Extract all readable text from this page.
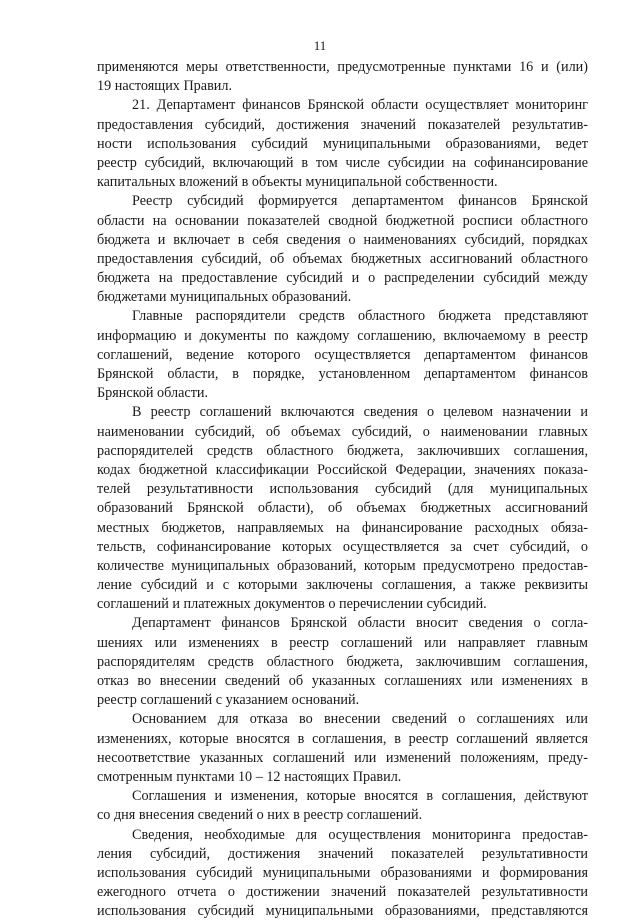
11
применяются меры ответственности, предусмотренные пунктами 16 и (или)
19 настоящих Правил.
21. Департамент финансов Брянской области осуществляет мониторинг
предоставления субсидий, достижения значений показателей результатив-
ности использования субсидий муниципальными образованиями, ведет
реестр субсидий, включающий в том числе субсидии на софинансирование
капитальных вложений в объекты муниципальной собственности.
Реестр субсидий формируется департаментом финансов Брянской
области на основании показателей сводной бюджетной росписи областного
бюджета и включает в себя сведения о наименованиях субсидий, порядках
предоставления субсидий, об объемах бюджетных ассигнований областного
бюджета на предоставление субсидий и о распределении субсидий между
бюджетами муниципальных образований.
Главные распорядители средств областного бюджета представляют
информацию и документы по каждому соглашению, включаемому в реестр
соглашений, ведение которого осуществляется департаментом финансов
Брянской области, в порядке, установленном департаментом финансов
Брянской области.
В реестр соглашений включаются сведения о целевом назначении и
наименовании субсидий, об объемах субсидий, о наименовании главных
распорядителей средств областного бюджета, заключивших соглашения,
кодах бюджетной классификации Российской Федерации, значениях показа-
телей результативности использования субсидий (для муниципальных
образований Брянской области), об объемах бюджетных ассигнований
местных бюджетов, направляемых на финансирование расходных обяза-
тельств, софинансирование которых осуществляется за счет субсидий, о
количестве муниципальных образований, которым предусмотрено предостав-
ление субсидий и с которыми заключены соглашения, а также реквизиты
соглашений и платежных документов о перечислении субсидий.
Департамент финансов Брянской области вносит сведения о согла-
шениях или изменениях в реестр соглашений или направляет главным
распорядителям средств областного бюджета, заключившим соглашения,
отказ во внесении сведений об указанных соглашениях или изменениях в
реестр соглашений с указанием оснований.
Основанием для отказа во внесении сведений о соглашениях или
изменениях, которые вносятся в соглашения, в реестр соглашений является
несоответствие указанных соглашений или изменений положениям, преду-
смотренным пунктами 10 – 12 настоящих Правил.
Соглашения и изменения, которые вносятся в соглашения, действуют
со дня внесения сведений о них в реестр соглашений.
Сведения, необходимые для осуществления мониторинга предостав-
ления субсидий, достижения значений показателей результативности
использования субсидий муниципальными образованиями и формирования
ежегодного отчета о достижении значений показателей результативности
использования субсидий муниципальными образованиями, представляются
